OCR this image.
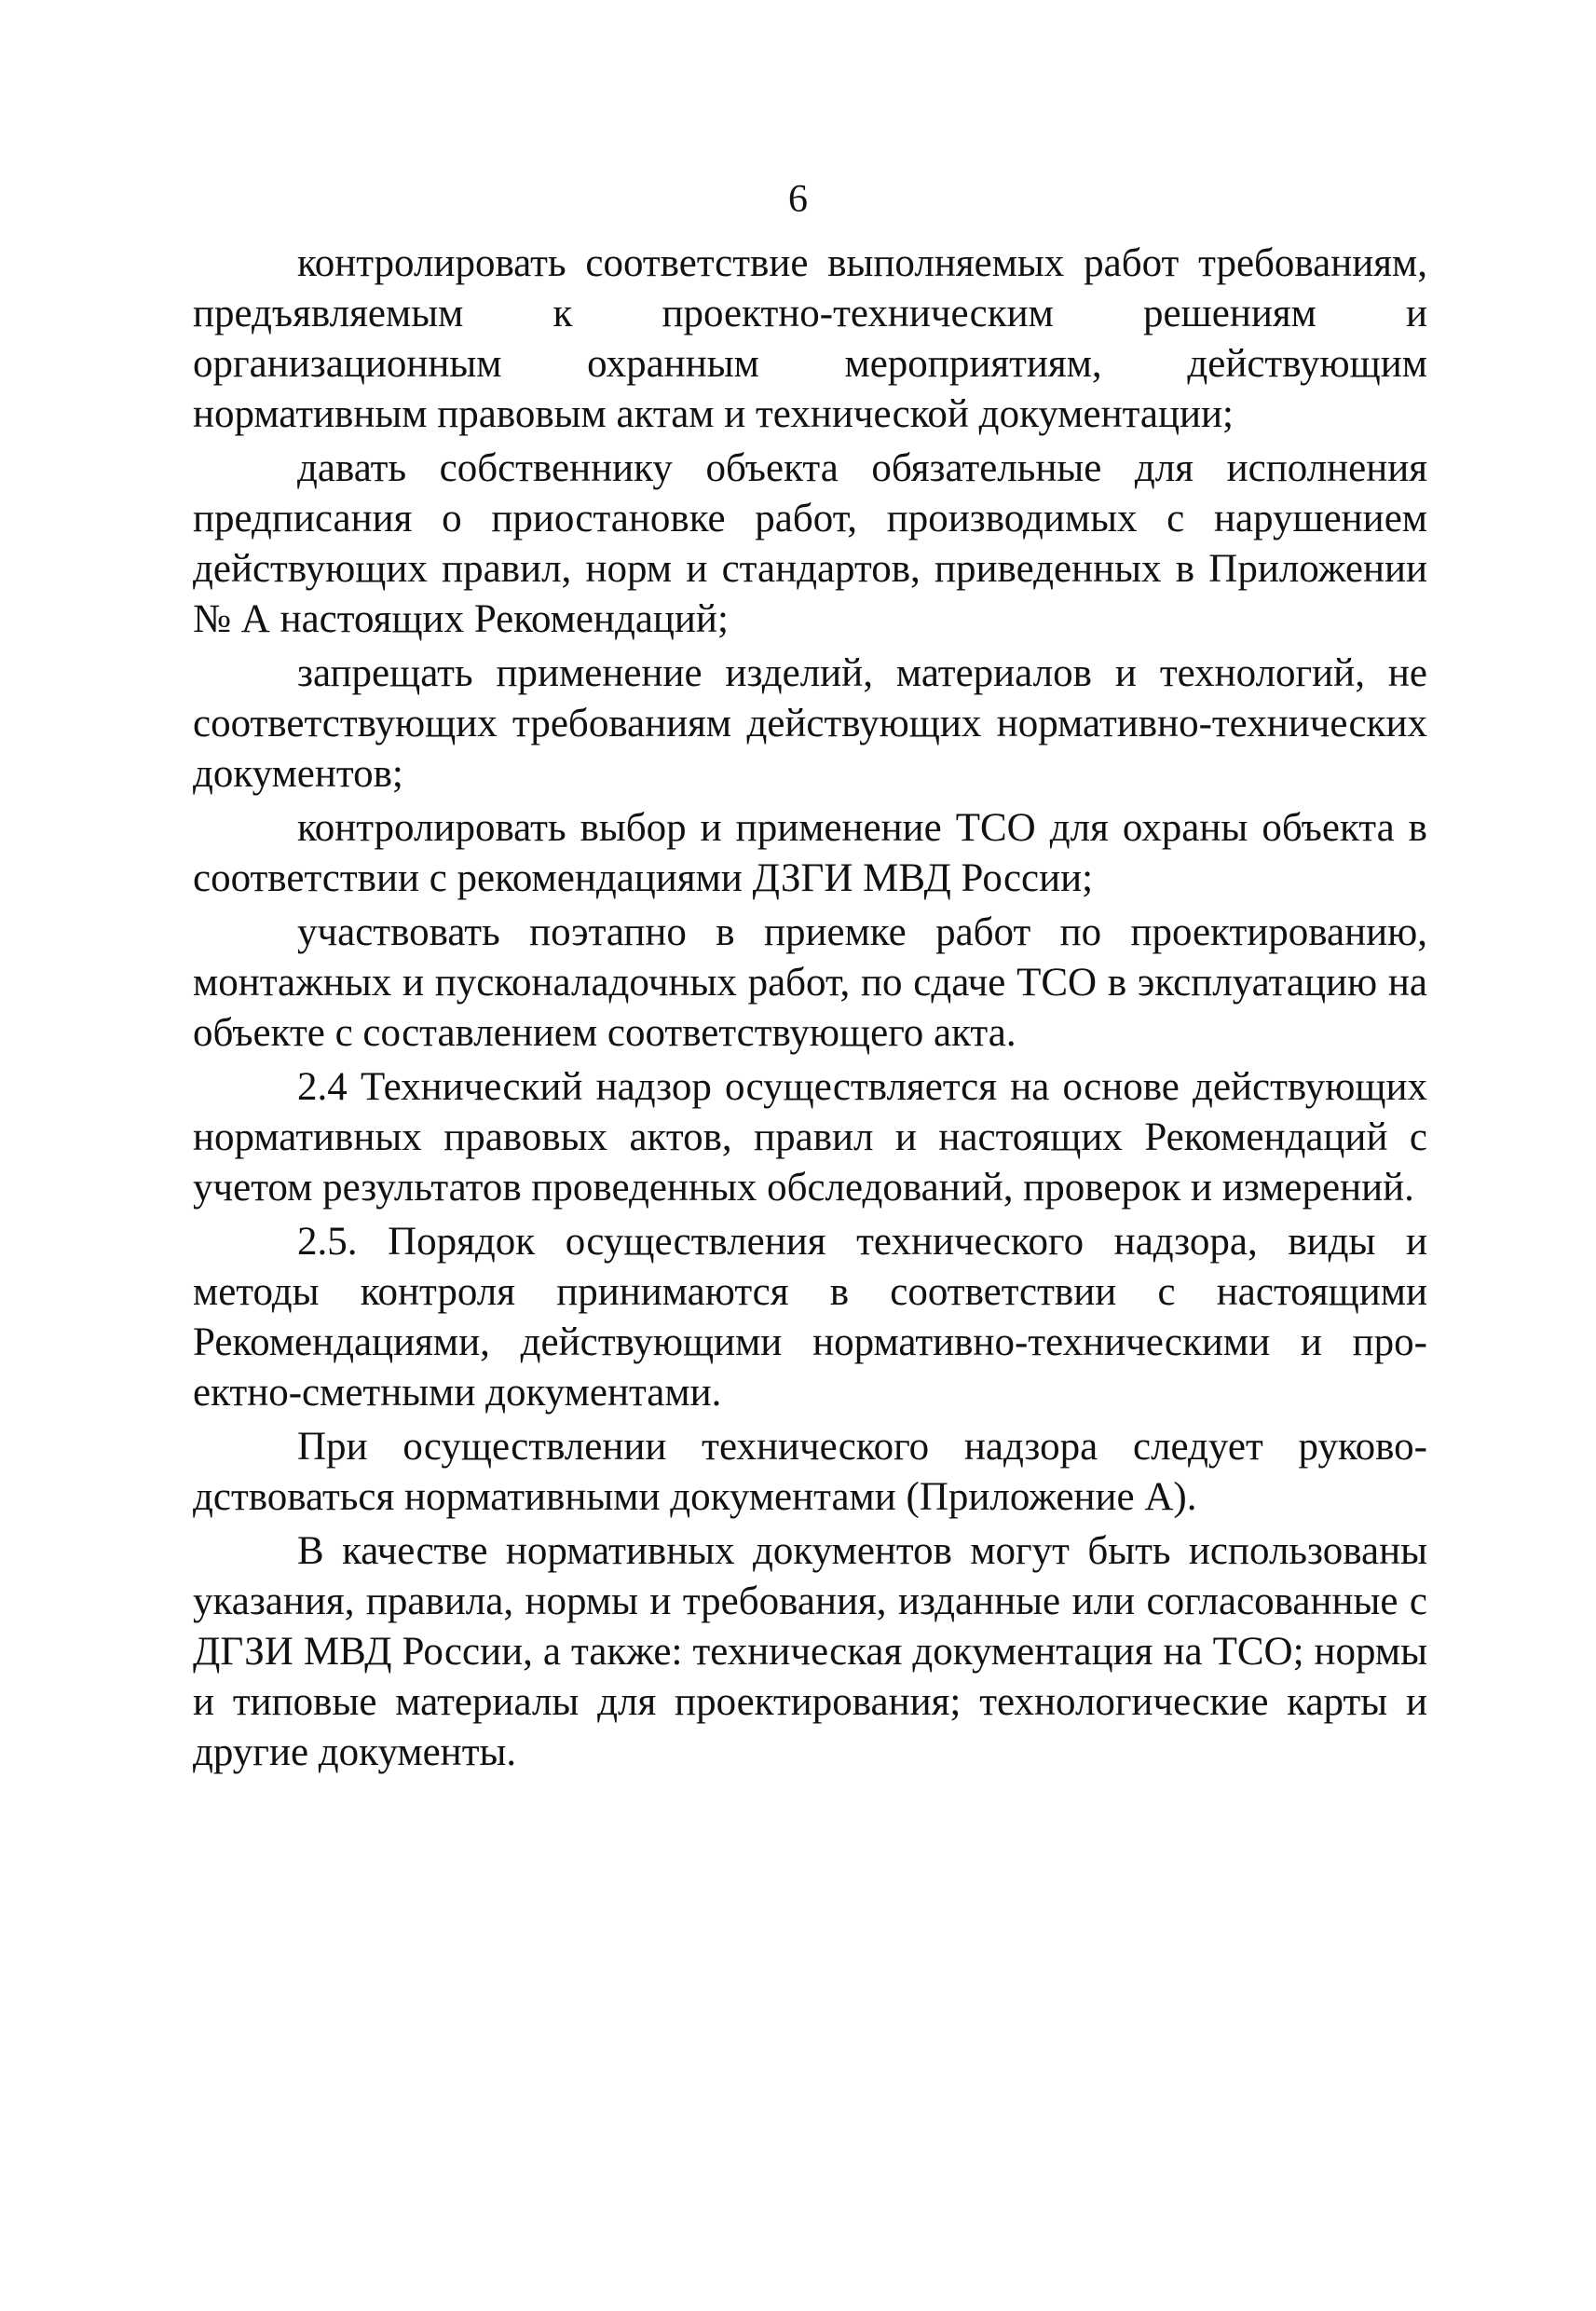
6

контролировать соответствие выполняемых работ требованиям, предъявляемым к проектно-техническим решениям и организационным охранным мероприятиям, действующим нормативным правовым актам и технической документации;

давать собственнику объекта обязательные для исполнения предписания о приостановке работ, производимых с нарушением действующих правил, норм и стандартов, приведенных в Приложении № А настоящих Рекомендаций;

запрещать применение изделий, материалов и технологий, не соответствующих требованиям действующих нормативно-технических документов;

контролировать выбор и применение ТСО для охраны объекта в соответствии с рекомендациями ДЗГИ МВД России;

участвовать поэтапно в приемке работ по проектированию, монтажных и пусконаладочных работ, по сдаче ТСО в эксплуатацию на объекте с составлением соответствующего акта.

2.4 Технический надзор осуществляется на основе действующих нормативных правовых актов, правил и настоящих Рекомендаций с учетом результатов проведенных обследований, проверок и измерений.

2.5. Порядок осуществления технического надзора, виды и методы контроля принимаются в соответствии с настоящими Рекомендациями, действующими нормативно-техническими и проектно-сметными документами.

При осуществлении технического надзора следует руководствоваться нормативными документами (Приложение А).

В качестве нормативных документов могут быть использованы указания, правила, нормы и требования, изданные или согласованные с ДГЗИ МВД России, а также: техническая документация на ТСО; нормы и типовые материалы для проектирования; технологические карты и другие документы.
